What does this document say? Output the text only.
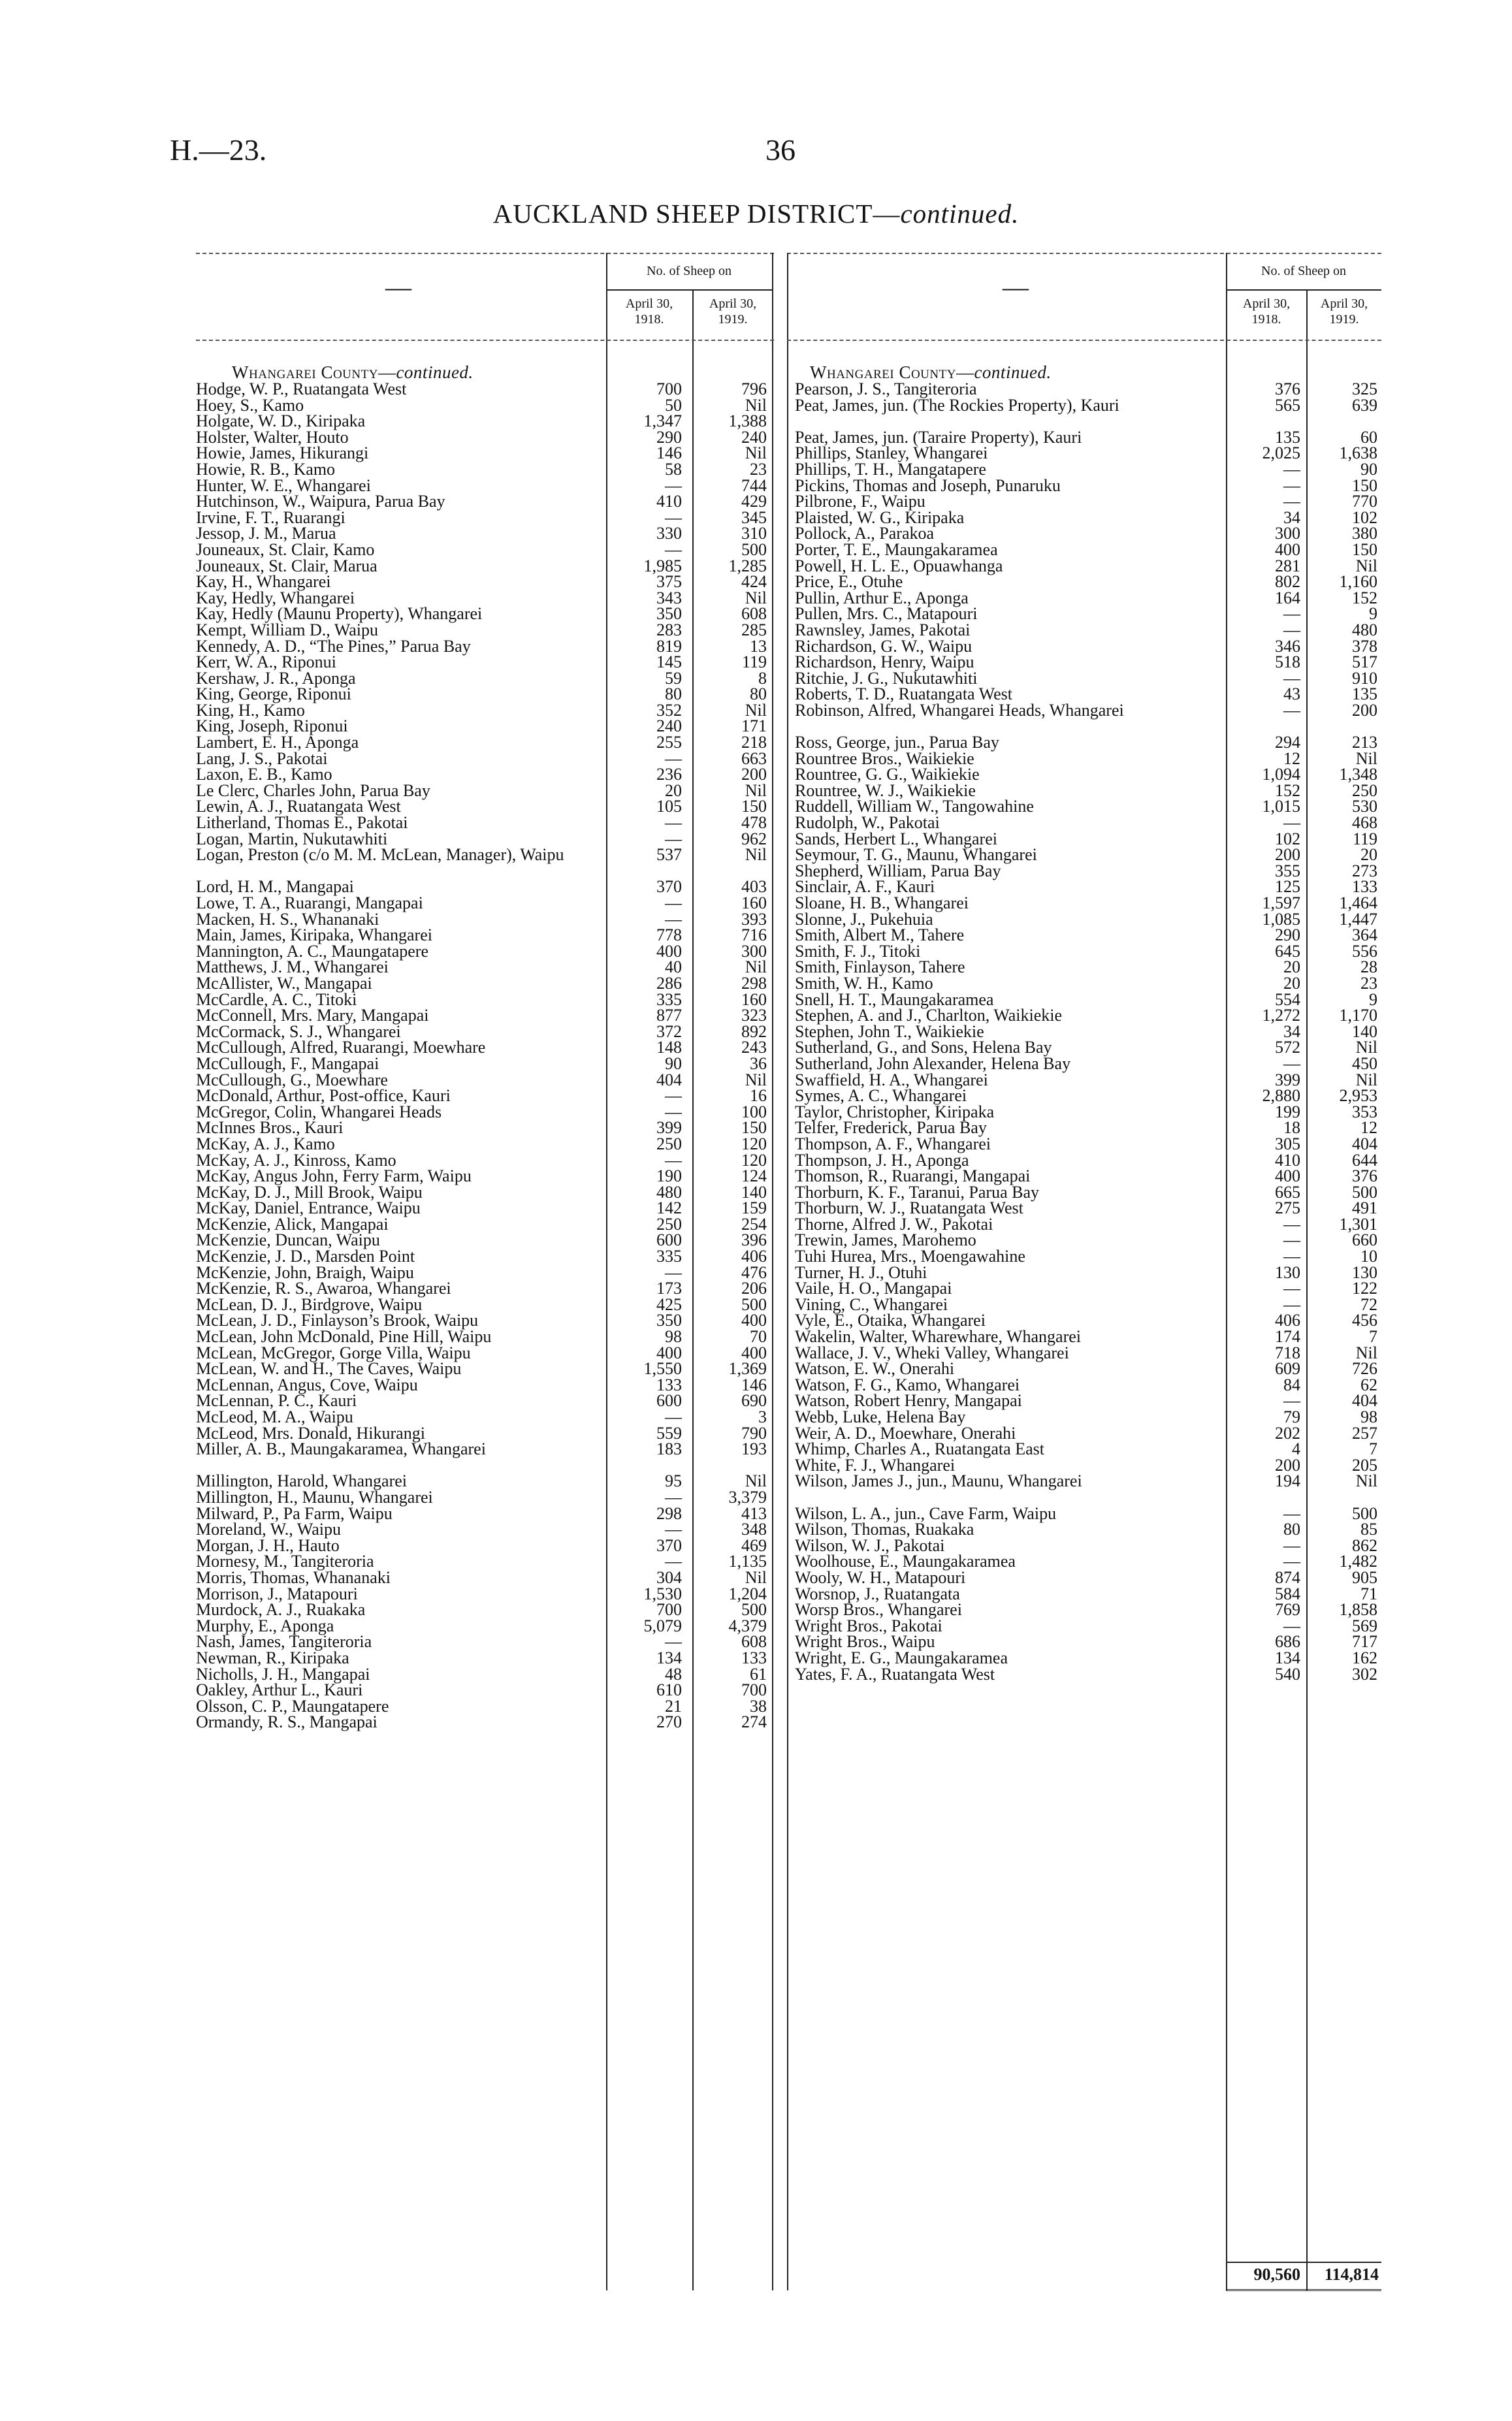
H.—23.	36
AUCKLAND SHEEP DISTRICT—continued.
—
No. of Sheep on
April 30, 1918.
April 30, 1919.
Whangarei County—continued.
Hodge, W. P., Ruatangata West	700	796
Hoey, S., Kamo	50	Nil
Holgate, W. D., Kiripaka	1,347	1,388
Holster, Walter, Houto	290	240
Howie, James, Hikurangi	146	Nil
Howie, R. B., Kamo	58	23
Hunter, W. E., Whangarei	—	744
Hutchinson, W., Waipura, Parua Bay	410	429
Irvine, F. T., Ruarangi	—	345
Jessop, J. M., Marua	330	310
Jouneaux, St. Clair, Kamo	—	500
Jouneaux, St. Clair, Marua	1,985	1,285
Kay, H., Whangarei	375	424
Kay, Hedly, Whangarei	343	Nil
Kay, Hedly (Maunu Property), Whangarei	350	608
Kempt, William D., Waipu	283	285
Kennedy, A. D., “The Pines,” Parua Bay	819	13
Kerr, W. A., Riponui	145	119
Kershaw, J. R., Aponga	59	8
King, George, Riponui	80	80
King, H., Kamo	352	Nil
King, Joseph, Riponui	240	171
Lambert, E. H., Aponga	255	218
Lang, J. S., Pakotai	—	663
Laxon, E. B., Kamo	236	200
Le Clerc, Charles John, Parua Bay	20	Nil
Lewin, A. J., Ruatangata West	105	150
Litherland, Thomas E., Pakotai	—	478
Logan, Martin, Nukutawhiti	—	962
Logan, Preston (c/o M. M. McLean, Manager), Waipu	537	Nil
Lord, H. M., Mangapai	370	403
Lowe, T. A., Ruarangi, Mangapai	—	160
Macken, H. S., Whananaki	—	393
Main, James, Kiripaka, Whangarei	778	716
Mannington, A. C., Maungatapere	400	300
Matthews, J. M., Whangarei	40	Nil
McAllister, W., Mangapai	286	298
McCardle, A. C., Titoki	335	160
McConnell, Mrs. Mary, Mangapai	877	323
McCormack, S. J., Whangarei	372	892
McCullough, Alfred, Ruarangi, Moewhare	148	243
McCullough, F., Mangapai	90	36
McCullough, G., Moewhare	404	Nil
McDonald, Arthur, Post-office, Kauri	—	16
McGregor, Colin, Whangarei Heads	—	100
McInnes Bros., Kauri	399	150
McKay, A. J., Kamo	250	120
McKay, A. J., Kinross, Kamo	—	120
McKay, Angus John, Ferry Farm, Waipu	190	124
McKay, D. J., Mill Brook, Waipu	480	140
McKay, Daniel, Entrance, Waipu	142	159
McKenzie, Alick, Mangapai	250	254
McKenzie, Duncan, Waipu	600	396
McKenzie, J. D., Marsden Point	335	406
McKenzie, John, Braigh, Waipu	—	476
McKenzie, R. S., Awaroa, Whangarei	173	206
McLean, D. J., Birdgrove, Waipu	425	500
McLean, J. D., Finlayson’s Brook, Waipu	350	400
McLean, John McDonald, Pine Hill, Waipu	98	70
McLean, McGregor, Gorge Villa, Waipu	400	400
McLean, W. and H., The Caves, Waipu	1,550	1,369
McLennan, Angus, Cove, Waipu	133	146
McLennan, P. C., Kauri	600	690
McLeod, M. A., Waipu	—	3
McLeod, Mrs. Donald, Hikurangi	559	790
Miller, A. B., Maungakaramea, Whangarei	183	193
Millington, Harold, Whangarei	95	Nil
Millington, H., Maunu, Whangarei	—	3,379
Milward, P., Pa Farm, Waipu	298	413
Moreland, W., Waipu	—	348
Morgan, J. H., Hauto	370	469
Mornesy, M., Tangiteroria	—	1,135
Morris, Thomas, Whananaki	304	Nil
Morrison, J., Matapouri	1,530	1,204
Murdock, A. J., Ruakaka	700	500
Murphy, E., Aponga	5,079	4,379
Nash, James, Tangiteroria	—	608
Newman, R., Kiripaka	134	133
Nicholls, J. H., Mangapai	48	61
Oakley, Arthur L., Kauri	610	700
Olsson, C. P., Maungatapere	21	38
Ormandy, R. S., Mangapai	270	274
—
No. of Sheep on
April 30, 1918.
April 30, 1919.
Whangarei County—continued.
Pearson, J. S., Tangiteroria	376	325
Peat, James, jun. (The Rockies Property), Kauri	565	639
Peat, James, jun. (Taraire Property), Kauri	135	60
Phillips, Stanley, Whangarei	2,025	1,638
Phillips, T. H., Mangatapere	—	90
Pickins, Thomas and Joseph, Punaruku	—	150
Pilbrone, F., Waipu	—	770
Plaisted, W. G., Kiripaka	34	102
Pollock, A., Parakoa	300	380
Porter, T. E., Maungakaramea	400	150
Powell, H. L. E., Opuawhanga	281	Nil
Price, E., Otuhe	802	1,160
Pullin, Arthur E., Aponga	164	152
Pullen, Mrs. C., Matapouri	—	9
Rawnsley, James, Pakotai	—	480
Richardson, G. W., Waipu	346	378
Richardson, Henry, Waipu	518	517
Ritchie, J. G., Nukutawhiti	—	910
Roberts, T. D., Ruatangata West	43	135
Robinson, Alfred, Whangarei Heads, Whangarei	—	200
Ross, George, jun., Parua Bay	294	213
Rountree Bros., Waikiekie	12	Nil
Rountree, G. G., Waikiekie	1,094	1,348
Rountree, W. J., Waikiekie	152	250
Ruddell, William W., Tangowahine	1,015	530
Rudolph, W., Pakotai	—	468
Sands, Herbert L., Whangarei	102	119
Seymour, T. G., Maunu, Whangarei	200	20
Shepherd, William, Parua Bay	355	273
Sinclair, A. F., Kauri	125	133
Sloane, H. B., Whangarei	1,597	1,464
Slonne, J., Pukehuia	1,085	1,447
Smith, Albert M., Tahere	290	364
Smith, F. J., Titoki	645	556
Smith, Finlayson, Tahere	20	28
Smith, W. H., Kamo	20	23
Snell, H. T., Maungakaramea	554	9
Stephen, A. and J., Charlton, Waikiekie	1,272	1,170
Stephen, John T., Waikiekie	34	140
Sutherland, G., and Sons, Helena Bay	572	Nil
Sutherland, John Alexander, Helena Bay	—	450
Swaffield, H. A., Whangarei	399	Nil
Symes, A. C., Whangarei	2,880	2,953
Taylor, Christopher, Kiripaka	199	353
Telfer, Frederick, Parua Bay	18	12
Thompson, A. F., Whangarei	305	404
Thompson, J. H., Aponga	410	644
Thomson, R., Ruarangi, Mangapai	400	376
Thorburn, K. F., Taranui, Parua Bay	665	500
Thorburn, W. J., Ruatangata West	275	491
Thorne, Alfred J. W., Pakotai	—	1,301
Trewin, James, Marohemo	—	660
Tuhi Hurea, Mrs., Moengawahine	—	10
Turner, H. J., Otuhi	130	130
Vaile, H. O., Mangapai	—	122
Vining, C., Whangarei	—	72
Vyle, E., Otaika, Whangarei	406	456
Wakelin, Walter, Wharewhare, Whangarei	174	7
Wallace, J. V., Wheki Valley, Whangarei	718	Nil
Watson, E. W., Onerahi	609	726
Watson, F. G., Kamo, Whangarei	84	62
Watson, Robert Henry, Mangapai	—	404
Webb, Luke, Helena Bay	79	98
Weir, A. D., Moewhare, Onerahi	202	257
Whimp, Charles A., Ruatangata East	4	7
White, F. J., Whangarei	200	205
Wilson, James J., jun., Maunu, Whangarei	194	Nil
Wilson, L. A., jun., Cave Farm, Waipu	—	500
Wilson, Thomas, Ruakaka	80	85
Wilson, W. J., Pakotai	—	862
Woolhouse, E., Maungakaramea	—	1,482
Wooly, W. H., Matapouri	874	905
Worsnop, J., Ruatangata	584	71
Worsp Bros., Whangarei	769	1,858
Wright Bros., Pakotai	—	569
Wright Bros., Waipu	686	717
Wright, E. G., Maungakaramea	134	162
Yates, F. A., Ruatangata West	540	302
90,560	114,814
